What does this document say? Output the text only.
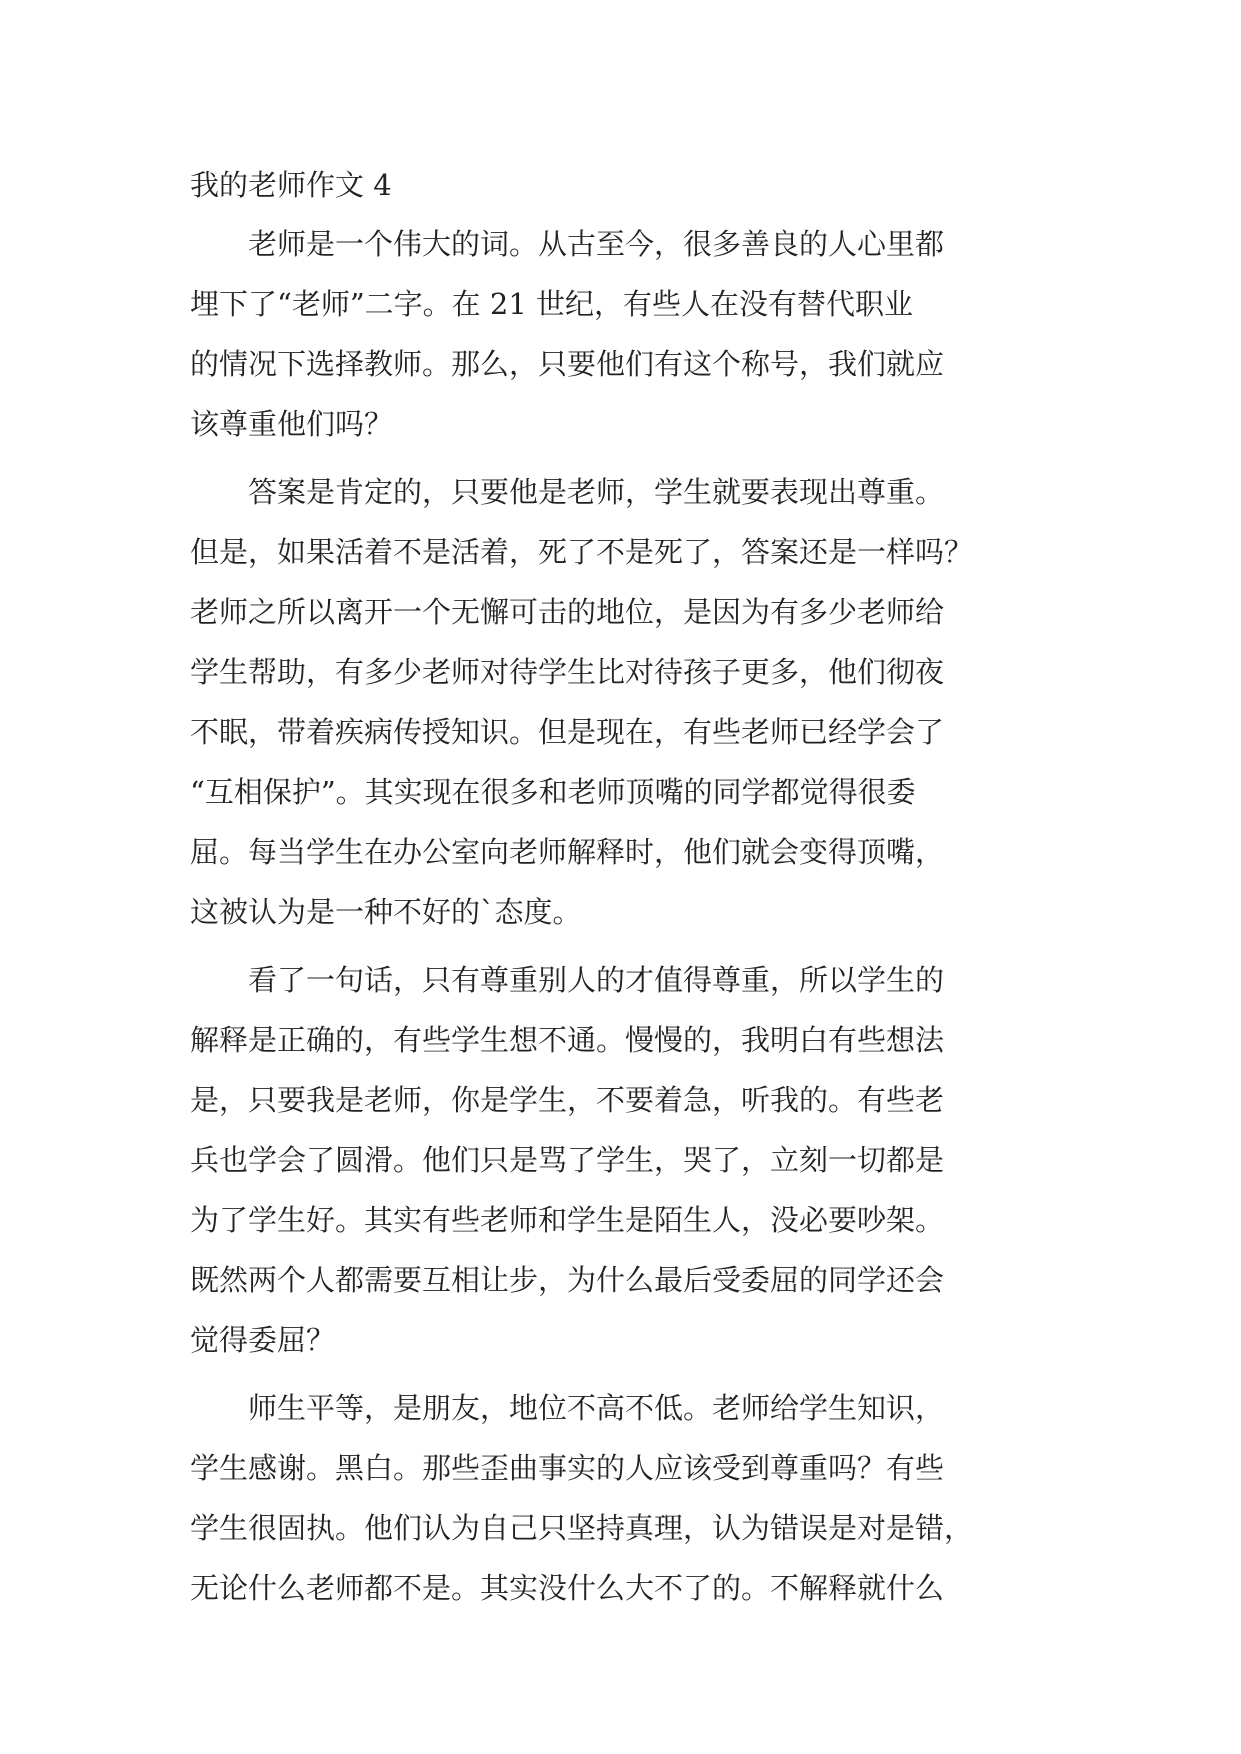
我的老师作文 4

　　老师是一个伟大的词。从古至今，很多善良的人心里都
埋下了“老师”二字。在 21 世纪，有些人在没有替代职业
的情况下选择教师。那么，只要他们有这个称号，我们就应
该尊重他们吗？

　　答案是肯定的，只要他是老师，学生就要表现出尊重。
但是，如果活着不是活着，死了不是死了，答案还是一样吗？
老师之所以离开一个无懈可击的地位，是因为有多少老师给
学生帮助，有多少老师对待学生比对待孩子更多，他们彻夜
不眠，带着疾病传授知识。但是现在，有些老师已经学会了
“互相保护”。其实现在很多和老师顶嘴的同学都觉得很委
屈。每当学生在办公室向老师解释时，他们就会变得顶嘴，
这被认为是一种不好的`态度。

　　看了一句话，只有尊重别人的才值得尊重，所以学生的
解释是正确的，有些学生想不通。慢慢的，我明白有些想法
是，只要我是老师，你是学生，不要着急，听我的。有些老
兵也学会了圆滑。他们只是骂了学生，哭了，立刻一切都是
为了学生好。其实有些老师和学生是陌生人，没必要吵架。
既然两个人都需要互相让步，为什么最后受委屈的同学还会
觉得委屈？

　　师生平等，是朋友，地位不高不低。老师给学生知识，
学生感谢。黑白。那些歪曲事实的人应该受到尊重吗？有些
学生很固执。他们认为自己只坚持真理，认为错误是对是错，
无论什么老师都不是。其实没什么大不了的。不解释就什么
